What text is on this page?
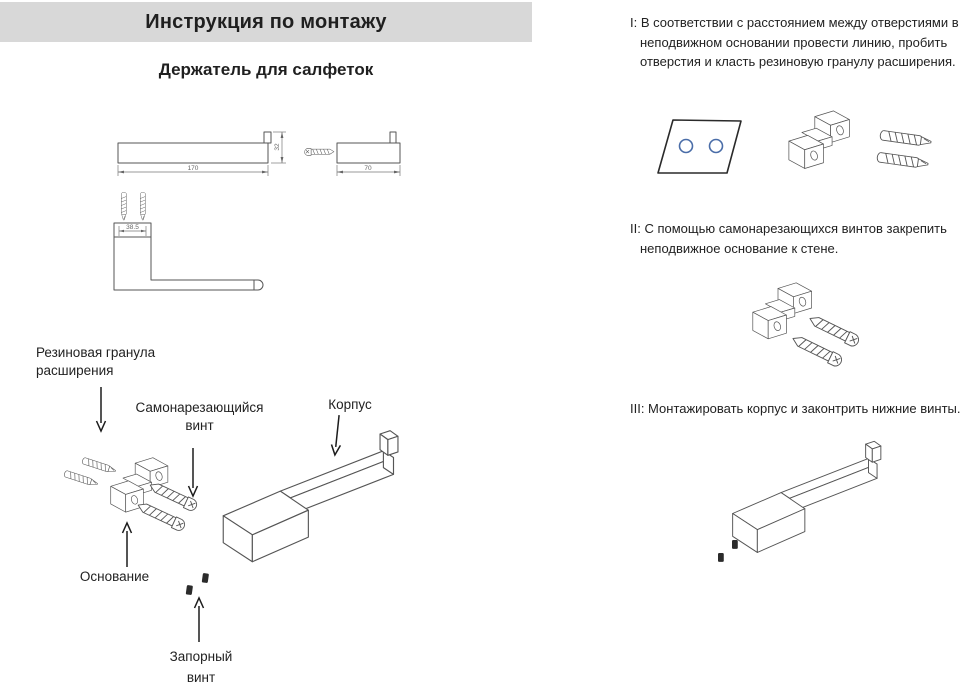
Инструкция по монтажу
Держатель для салфеток
170
32
70
38.5
Резиновая гранула расширения
Самонарезающийся винт
Корпус
Основание
Запорный винт
I: В соответствии с расстоянием между отверстиями в неподвижном основании провести линию, пробить отверстия и класть резиновую гранулу расширения.
II: С помощью самонарезающихся винтов закрепить неподвижное основание к стене.
III: Монтажировать корпус и законтрить нижние винты.
